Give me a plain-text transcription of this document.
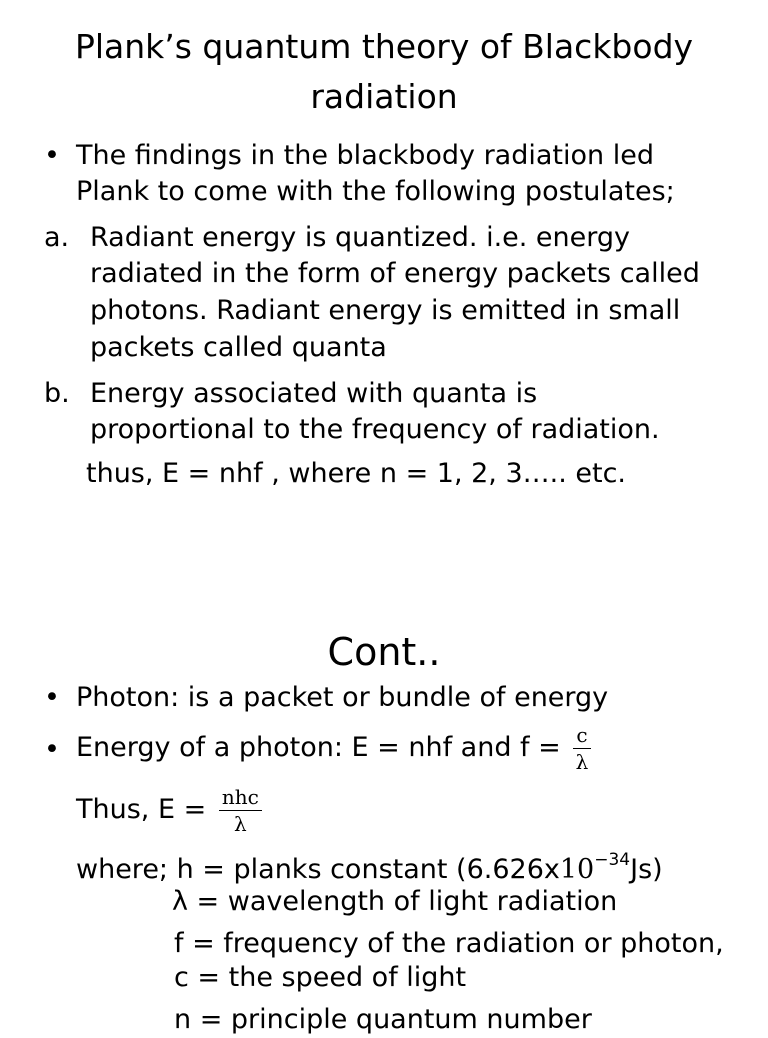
Plank’s quantum theory of Blackbody
radiation
• The findings in the blackbody radiation led
Plank to come with the following postulates;
a. Radiant energy is quantized. i.e. energy
radiated in the form of energy packets called
photons. Radiant energy is emitted in small
packets called quanta
b. Energy associated with quanta is
proportional to the frequency of radiation.
thus, E = nhf , where n = 1, 2, 3….. etc.
Cont..
• Photon: is a packet or bundle of energy
• Energy of a photon: E = nhf and $f = \frac{c}{\lambda}$
Thus, $E = \frac{\text{nhc}}{\lambda}$
where; h = planks constant $(6.626x10^{-34}Js)$
λ = wavelength of light radiation
f = frequency of the radiation or photon,
c = the speed of light
n = principle quantum number
